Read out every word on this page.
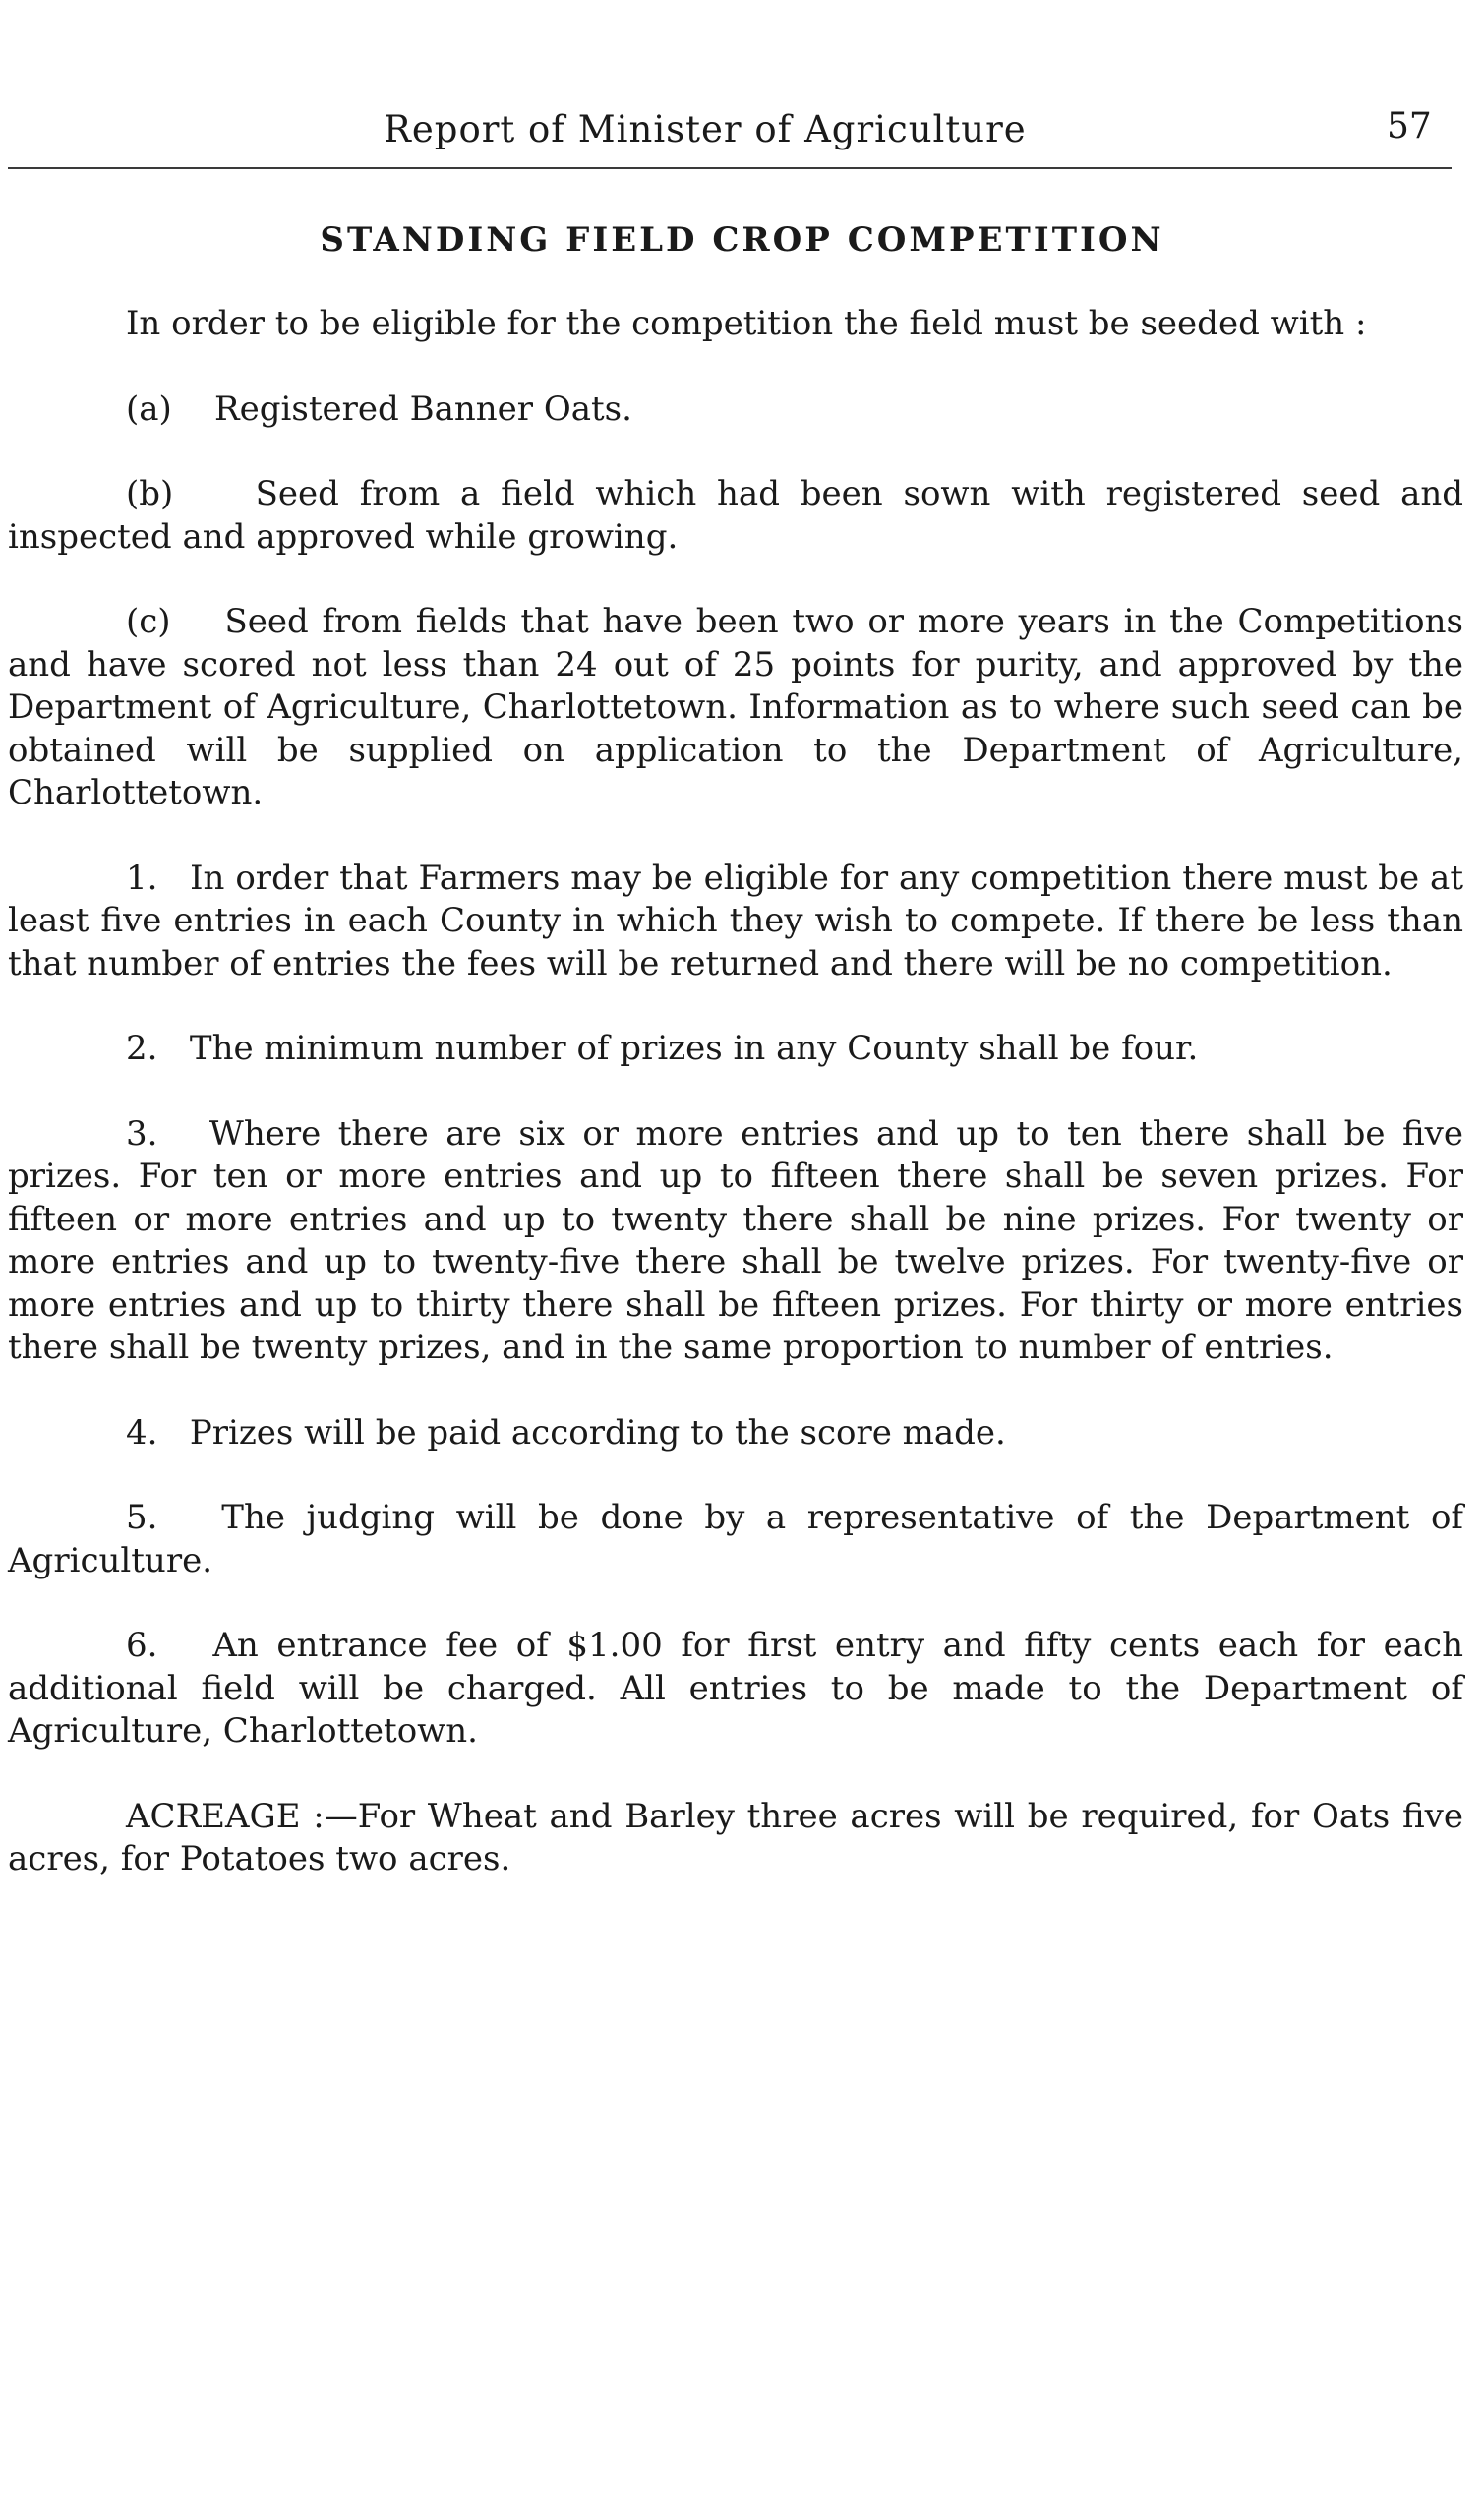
Report of Minister of Agriculture	57
STANDING FIELD CROP COMPETITION

In order to be eligible for the competition the field must be seeded with :

(a) Registered Banner Oats.

(b) Seed from a field which had been sown with registered seed and inspected and approved while growing.

(c) Seed from fields that have been two or more years in the Competitions and have scored not less than 24 out of 25 points for purity, and approved by the Department of Agriculture, Charlottetown. Information as to where such seed can be obtained will be supplied on application to the Department of Agriculture, Charlottetown.

1. In order that Farmers may be eligible for any competition there must be at least five entries in each County in which they wish to compete. If there be less than that number of entries the fees will be returned and there will be no competition.

2. The minimum number of prizes in any County shall be four.

3. Where there are six or more entries and up to ten there shall be five prizes. For ten or more entries and up to fifteen there shall be seven prizes. For fifteen or more entries and up to twenty there shall be nine prizes. For twenty or more entries and up to twenty-five there shall be twelve prizes. For twenty-five or more entries and up to thirty there shall be fifteen prizes. For thirty or more entries there shall be twenty prizes, and in the same proportion to number of entries.

4. Prizes will be paid according to the score made.

5. The judging will be done by a representative of the Department of Agriculture.

6. An entrance fee of $1.00 for first entry and fifty cents each for each additional field will be charged. All entries to be made to the Department of Agriculture, Charlottetown.

ACREAGE :—For Wheat and Barley three acres will be required, for Oats five acres, for Potatoes two acres.
